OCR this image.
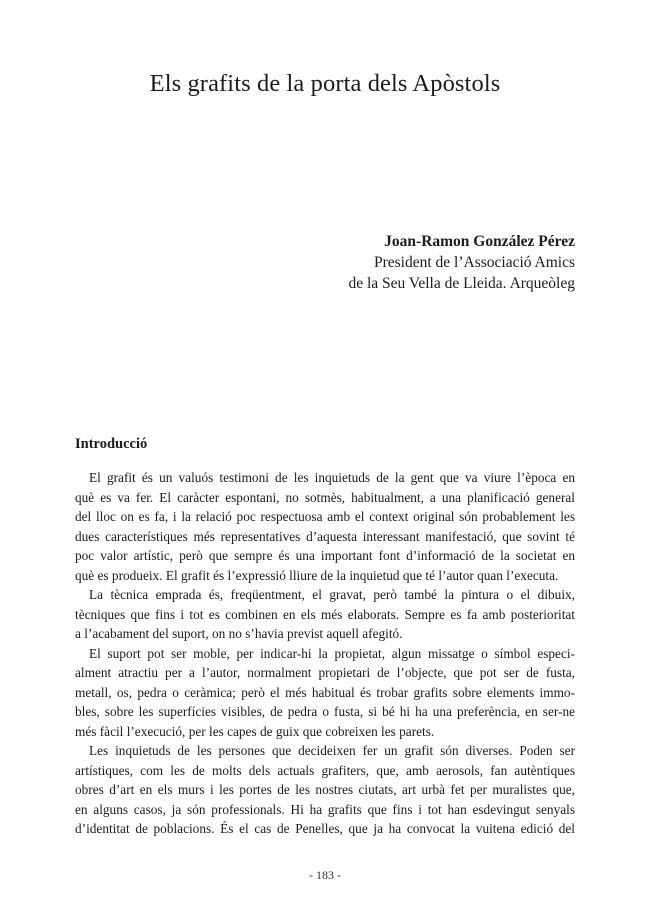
Els grafits de la porta dels Apòstols
Joan-Ramon González Pérez
President de l’Associació Amics
de la Seu Vella de Lleida. Arqueòleg
Introducció
El grafit és un valuós testimoni de les inquietuds de la gent que va viure l’època en
què es va fer. El caràcter espontani, no sotmès, habitualment, a una planificació general
del lloc on es fa, i la relació poc respectuosa amb el context original són probablement les
dues característiques més representatives d’aquesta interessant manifestació, que sovint té
poc valor artístic, però que sempre és una important font d’informació de la societat en
què es produeix. El grafit és l’expressió lliure de la inquietud que té l’autor quan l’executa.
La tècnica emprada és, freqüentment, el gravat, però també la pintura o el dibuix,
tècniques que fins i tot es combinen en els més elaborats. Sempre es fa amb posterioritat
a l’acabament del suport, on no s’havia previst aquell afegitó.
El suport pot ser moble, per indicar-hi la propietat, algun missatge o símbol especi-
alment atractiu per a l’autor, normalment propietari de l’objecte, que pot ser de fusta,
metall, os, pedra o ceràmica; però el més habitual és trobar grafits sobre elements immo-
bles, sobre les superfícies visibles, de pedra o fusta, si bé hi ha una preferència, en ser-ne
més fàcil l’execució, per les capes de guix que cobreixen les parets.
Les inquietuds de les persones que decideixen fer un grafit són diverses. Poden ser
artístiques, com les de molts dels actuals grafiters, que, amb aerosols, fan autèntiques
obres d’art en els murs i les portes de les nostres ciutats, art urbà fet per muralistes que,
en alguns casos, ja són professionals. Hi ha grafits que fins i tot han esdevingut senyals
d’identitat de poblacions. És el cas de Penelles, que ja ha convocat la vuitena edició del
- 183 -
